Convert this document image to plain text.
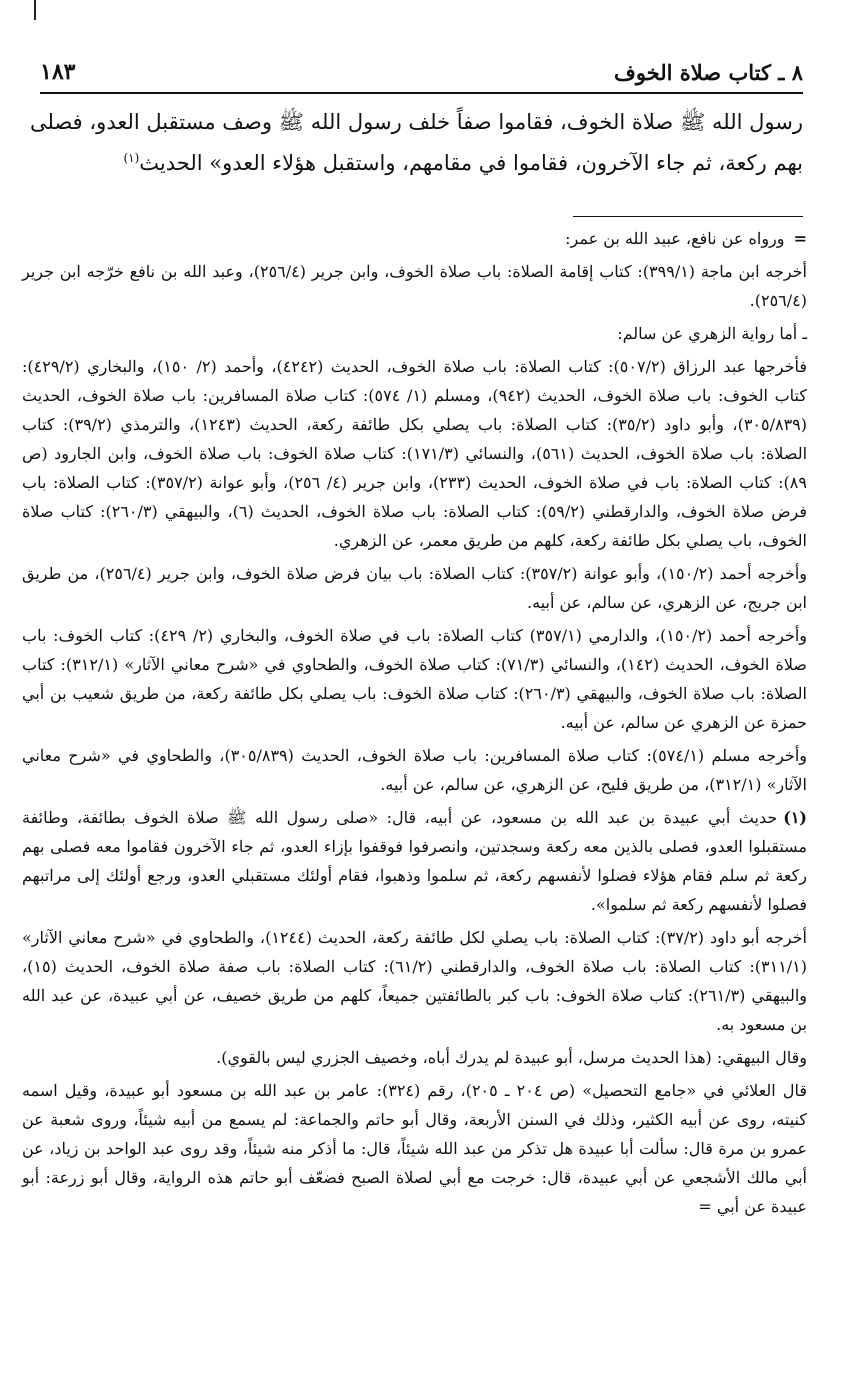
٨ ـ كتاب صلاة الخوف
١٨٣
رسول الله ﷺ صلاة الخوف، فقاموا صفاً خلف رسول الله ﷺ وصف مستقبل العدو، فصلى بهم ركعة، ثم جاء الآخرون، فقاموا في مقامهم، واستقبل هؤلاء العدو» الحديث$^{(١)}$

= ورواه عن نافع، عبيد الله بن عمر:

أخرجه ابن ماجة (٣٩٩/١): كتاب إقامة الصلاة: باب صلاة الخوف، وابن جرير (٢٥٦/٤)، وعبد الله بن نافع خرّجه ابن جرير (٢٥٦/٤).

ـ أما رواية الزهري عن سالم:

فأخرجها عبد الرزاق (٥٠٧/٢): كتاب الصلاة: باب صلاة الخوف، الحديث (٤٢٤٢)، وأحمد (٢/ ١٥٠)، والبخاري (٤٢٩/٢): كتاب الخوف: باب صلاة الخوف، الحديث (٩٤٢)، ومسلم (١/ ٥٧٤): كتاب صلاة المسافرين: باب صلاة الخوف، الحديث (٣٠٥/٨٣٩)، وأبو داود (٣٥/٢): كتاب الصلاة: باب يصلي بكل طائفة ركعة، الحديث (١٢٤٣)، والترمذي (٣٩/٢): كتاب الصلاة: باب صلاة الخوف، الحديث (٥٦١)، والنسائي (١٧١/٣): كتاب صلاة الخوف: باب صلاة الخوف، وابن الجارود (ص ٨٩): كتاب الصلاة: باب في صلاة الخوف، الحديث (٢٣٣)، وابن جرير (٤/ ٢٥٦)، وأبو عوانة (٣٥٧/٢): كتاب الصلاة: باب فرض صلاة الخوف، والدارقطني (٥٩/٢): كتاب الصلاة: باب صلاة الخوف، الحديث (٦)، والبيهقي (٢٦٠/٣): كتاب صلاة الخوف، باب يصلي بكل طائفة ركعة، كلهم من طريق معمر، عن الزهري.

وأخرجه أحمد (١٥٠/٢)، وأبو عوانة (٣٥٧/٢): كتاب الصلاة: باب بيان فرض صلاة الخوف، وابن جرير (٢٥٦/٤)، من طريق ابن جريج، عن الزهري، عن سالم، عن أبيه.

وأخرجه أحمد (١٥٠/٢)، والدارمي (٣٥٧/١) كتاب الصلاة: باب في صلاة الخوف، والبخاري (٢/ ٤٢٩): كتاب الخوف: باب صلاة الخوف، الحديث (١٤٢)، والنسائي (٧١/٣): كتاب صلاة الخوف، والطحاوي في «شرح معاني الآثار» (٣١٢/١): كتاب الصلاة: باب صلاة الخوف، والبيهقي (٢٦٠/٣): كتاب صلاة الخوف: باب يصلي بكل طائفة ركعة، من طريق شعيب بن أبي حمزة عن الزهري عن سالم، عن أبيه.

وأخرجه مسلم (٥٧٤/١): كتاب صلاة المسافرين: باب صلاة الخوف، الحديث (٣٠٥/٨٣٩)، والطحاوي في «شرح معاني الآثار» (٣١٢/١)، من طريق فليح، عن الزهري، عن سالم، عن أبيه.

(١)حديث أبي عبيدة بن عبد الله بن مسعود، عن أبيه، قال: «صلى رسول الله ﷺ صلاة الخوف بطائفة، وطائفة مستقبلوا العدو، فصلى بالذين معه ركعة وسجدتين، وانصرفوا فوقفوا بإزاء العدو، ثم جاء الآخرون فقاموا معه فصلى بهم ركعة ثم سلم فقام هؤلاء فصلوا لأنفسهم ركعة، ثم سلموا وذهبوا، فقام أولئك مستقبلي العدو، ورجع أولئك إلى مراتبهم فصلوا لأنفسهم ركعة ثم سلموا».

أخرجه أبو داود (٣٧/٢): كتاب الصلاة: باب يصلي لكل طائفة ركعة، الحديث (١٢٤٤)، والطحاوي في «شرح معاني الآثار» (٣١١/١): كتاب الصلاة: باب صلاة الخوف، والدارقطني (٦١/٢): كتاب الصلاة: باب صفة صلاة الخوف، الحديث (١٥)، والبيهقي (٢٦١/٣): كتاب صلاة الخوف: باب كبر بالطائفتين جميعاً، كلهم من طريق خصيف، عن أبي عبيدة، عن عبد الله بن مسعود به.

وقال البيهقي: (هذا الحديث مرسل، أبو عبيدة لم يدرك أباه، وخصيف الجزري ليس بالقوي).

قال العلائي في «جامع التحصيل» (ص ٢٠٤ ـ ٢٠٥)، رقم (٣٢٤): عامر بن عبد الله بن مسعود أبو عبيدة، وقيل اسمه كنيته، روى عن أبيه الكثير، وذلك في السنن الأربعة، وقال أبو حاتم والجماعة: لم يسمع من أبيه شيئاً، وروى شعبة عن عمرو بن مرة قال: سألت أبا عبيدة هل تذكر من عبد الله شيئاً، قال: ما أذكر منه شيئاً، وقد روى عبد الواحد بن زياد، عن أبي مالك الأشجعي عن أبي عبيدة، قال: خرجت مع أبي لصلاة الصبح فضعّف أبو حاتم هذه الرواية، وقال أبو زرعة: أبو عبيدة عن أبي =
